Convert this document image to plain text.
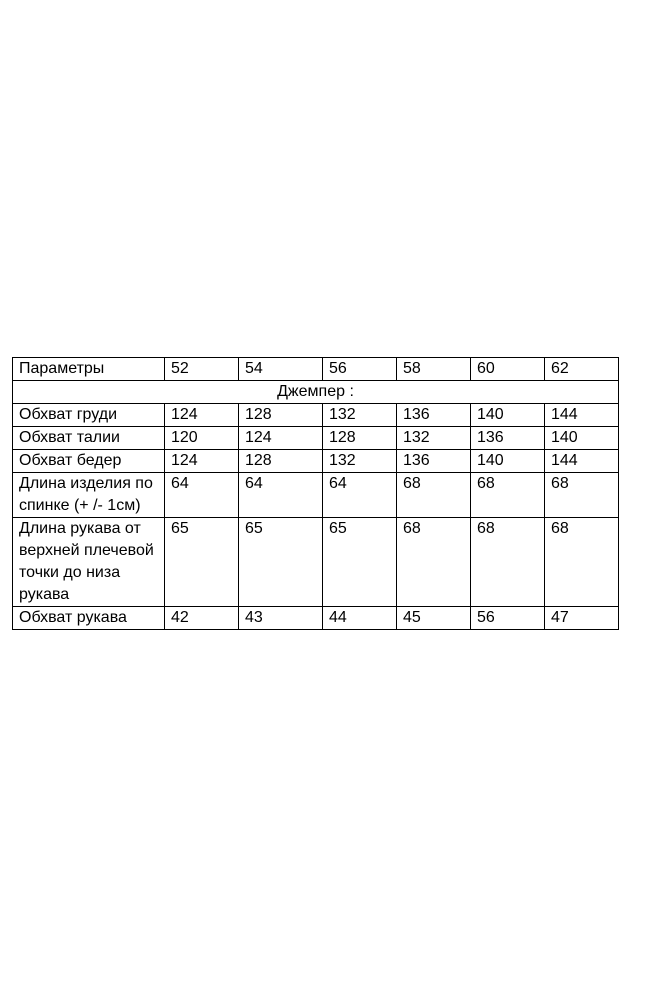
Параметры	52	54	56	58	60	62
Джемпер :						
Обхват груди	124	128	132	136	140	144
Обхват талии	120	124	128	132	136	140
Обхват бедер	124	128	132	136	140	144
Длина изделия по спинке (+ /- 1см)	64	64	64	68	68	68
Длина рукава от верхней плечевой точки до низа рукава	65	65	65	68	68	68
Обхват рукава	42	43	44	45	56	47
